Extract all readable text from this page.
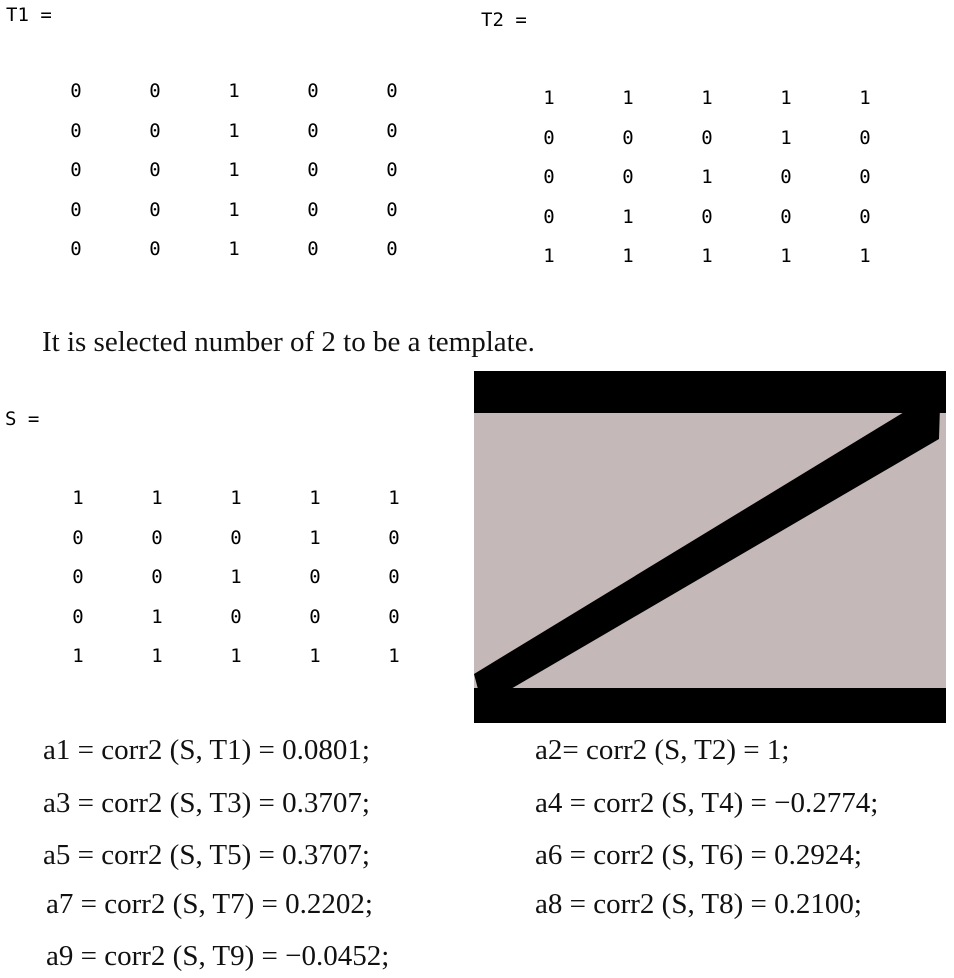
T1 =
0	0	1	0	0
0	0	1	0	0
0	0	1	0	0
0	0	1	0	0
0	0	1	0	0
T2 =
1	1	1	1	1
0	0	0	1	0
0	0	1	0	0
0	1	0	0	0
1	1	1	1	1
It is selected number of 2 to be a template.
S =
1	1	1	1	1
0	0	0	1	0
0	0	1	0	0
0	1	0	0	0
1	1	1	1	1
a1 = corr2 (S, T1) = 0.0801;	a2= corr2 (S, T2) = 1;
a3 = corr2 (S, T3) = 0.3707;	a4 = corr2 (S, T4) = −0.2774;
a5 = corr2 (S, T5) = 0.3707;	a6 = corr2 (S, T6) = 0.2924;
a7 = corr2 (S, T7) = 0.2202;	a8 = corr2 (S, T8) = 0.2100;
a9 = corr2 (S, T9) = −0.0452;
